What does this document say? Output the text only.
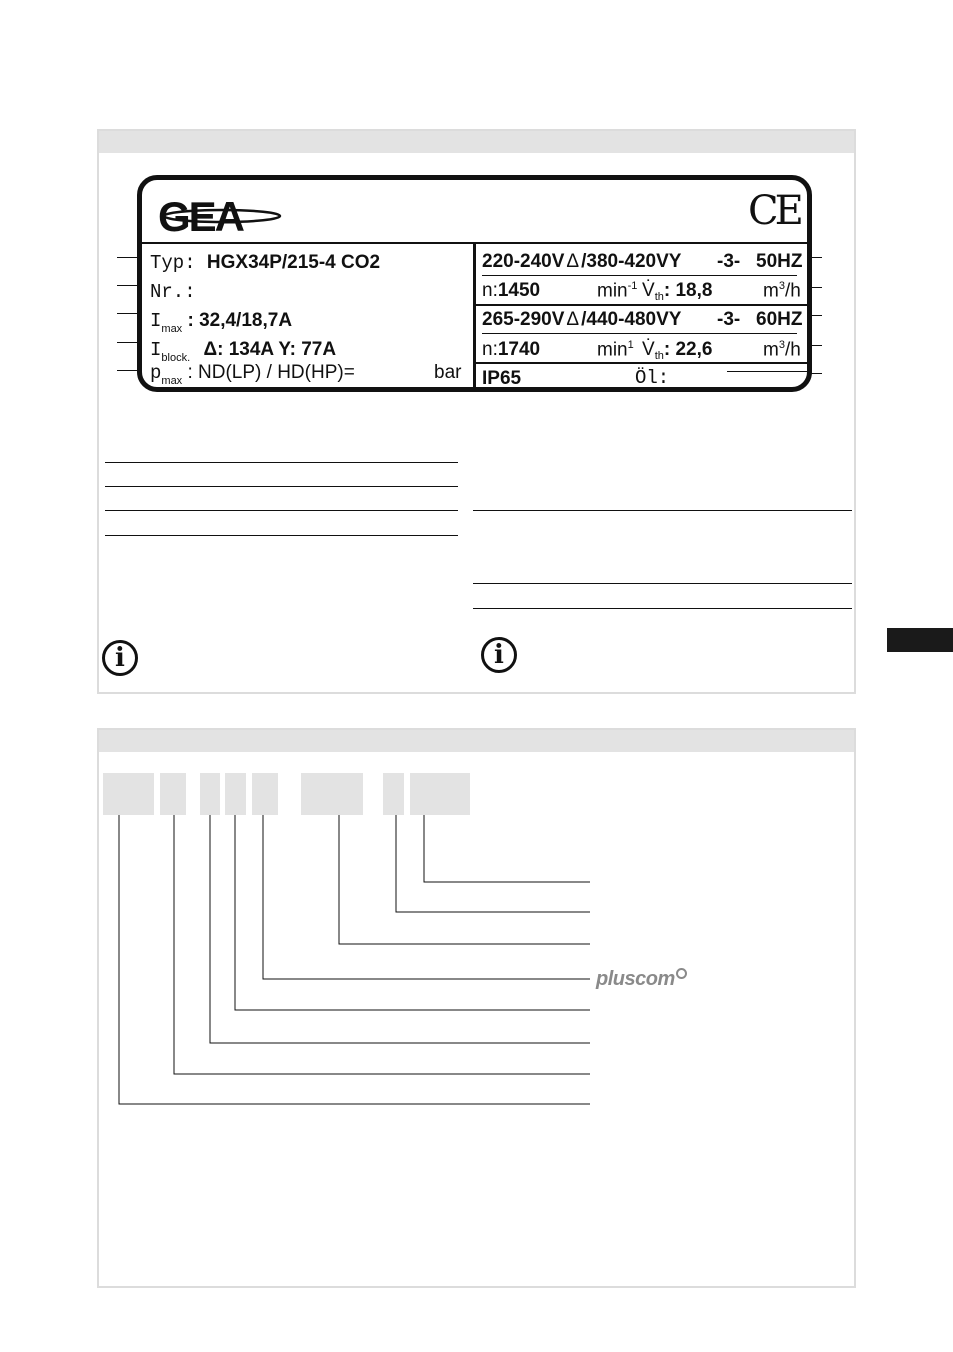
GEA	CE
Typ: HGX34P/215-4 CO2
Nr.:
$I_{max}$ : 32,4/18,7A
$I_{block.}$ Δ: 134A Y: 77A
$p_{max}$ : ND(LP) / HD(HP)=	bar
220-240V Δ /380-420VY -3- 50HZ
n:1450	$\min^{-1}$ $V̇_{th}$: 18,8	$m^3/h$
265-290V Δ /440-480VY -3- 60HZ
n:1740	$\min^1$ $V̇_{th}$: 22,6	$m^3/h$
IP65	Öl:
i	i
pluscom
